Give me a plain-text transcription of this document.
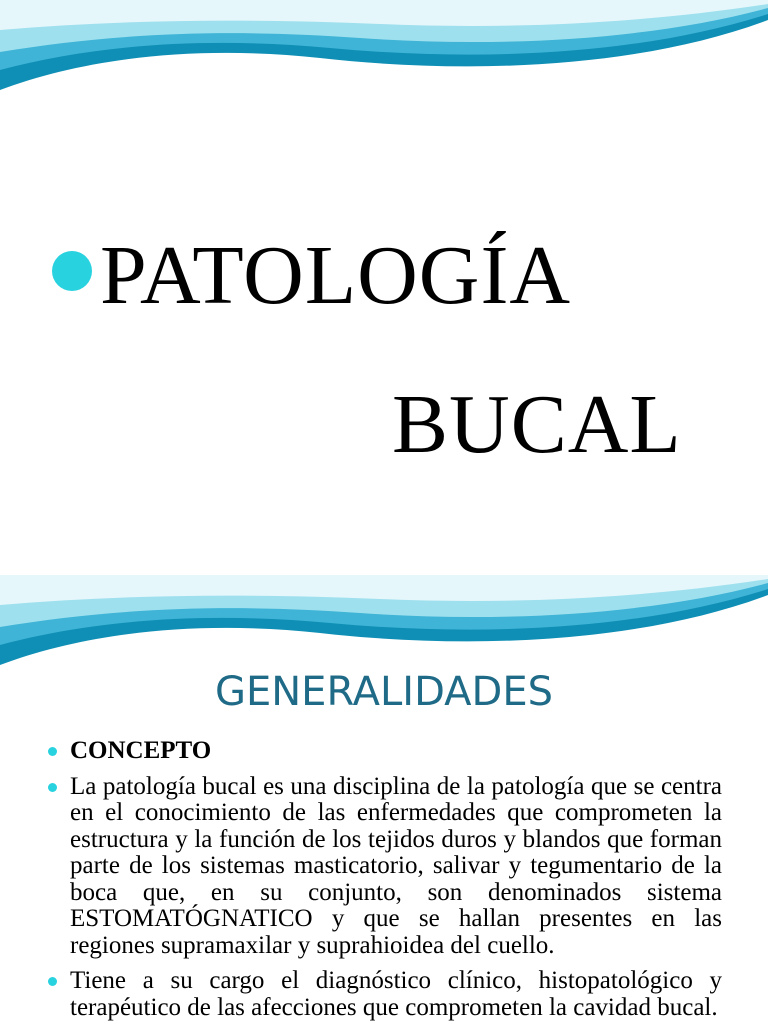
PATOLOGÍA
BUCAL
GENERALIDADES
CONCEPTO
La patología bucal es una disciplina de la patología que se centra en el conocimiento de las enfermedades que comprometen la estructura y la función de los tejidos duros y blandos que forman parte de los sistemas masticatorio, salivar y tegumentario de la boca que, en su conjunto, son denominados sistema ESTOMATÓGNATICO y que se hallan presentes en las regiones supramaxilar y suprahioidea del cuello.
Tiene a su cargo el diagnóstico clínico, histopatológico y terapéutico de las afecciones que comprometen la cavidad bucal.
